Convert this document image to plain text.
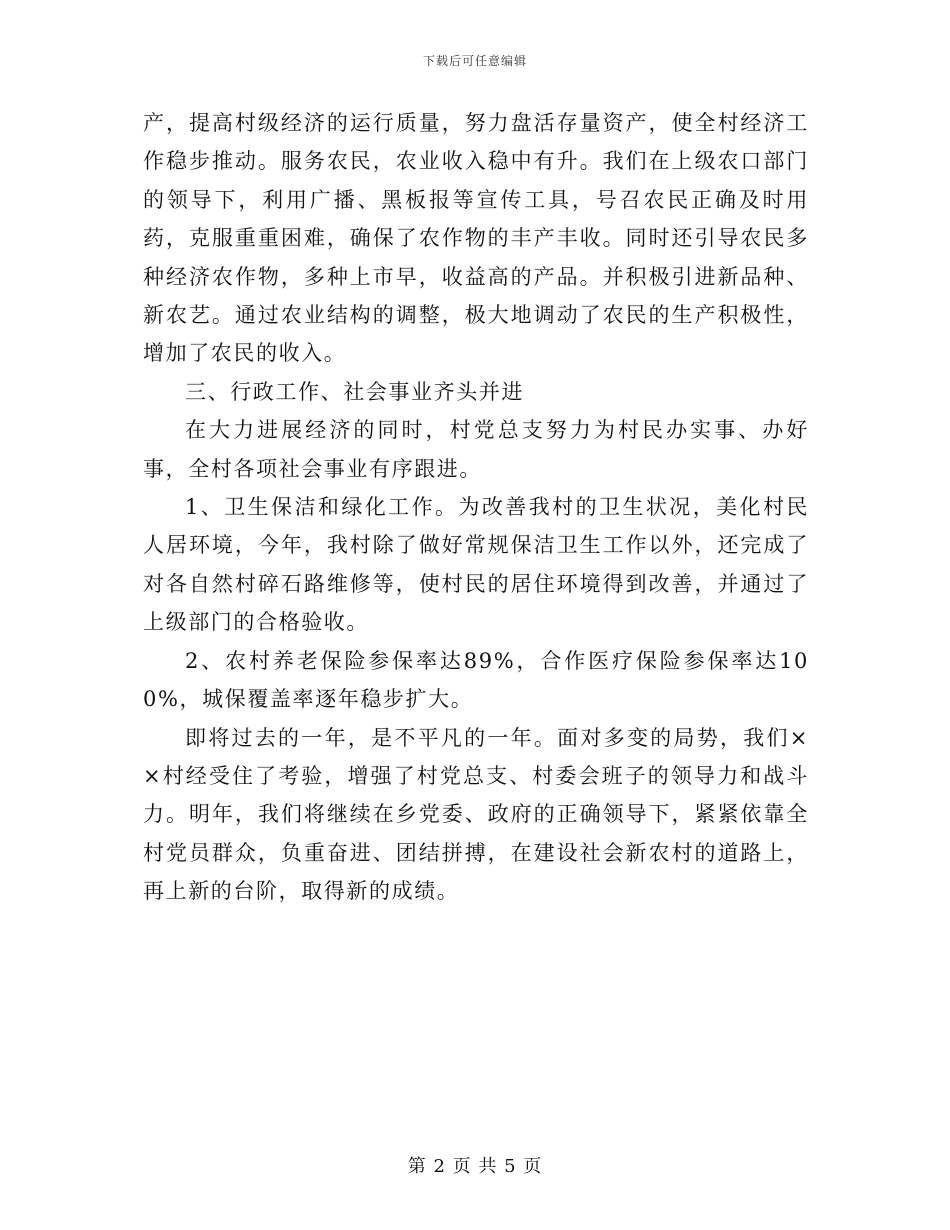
下载后可任意编辑

产，提高村级经济的运行质量，努力盘活存量资产，使全村经济工作稳步推动。服务农民，农业收入稳中有升。我们在上级农口部门的领导下，利用广播、黑板报等宣传工具，号召农民正确及时用药，克服重重困难，确保了农作物的丰产丰收。同时还引导农民多种经济农作物，多种上市早，收益高的产品。并积极引进新品种、新农艺。通过农业结构的调整，极大地调动了农民的生产积极性，增加了农民的收入。

三、行政工作、社会事业齐头并进

在大力进展经济的同时，村党总支努力为村民办实事、办好事，全村各项社会事业有序跟进。

1、卫生保洁和绿化工作。为改善我村的卫生状况，美化村民人居环境，今年，我村除了做好常规保洁卫生工作以外，还完成了对各自然村碎石路维修等，使村民的居住环境得到改善，并通过了上级部门的合格验收。

2、农村养老保险参保率达89%，合作医疗保险参保率达100%，城保覆盖率逐年稳步扩大。

即将过去的一年，是不平凡的一年。面对多变的局势，我们××村经受住了考验，增强了村党总支、村委会班子的领导力和战斗力。明年，我们将继续在乡党委、政府的正确领导下，紧紧依靠全村党员群众，负重奋进、团结拼搏，在建设社会新农村的道路上，再上新的台阶，取得新的成绩。

第 2 页 共 5 页
